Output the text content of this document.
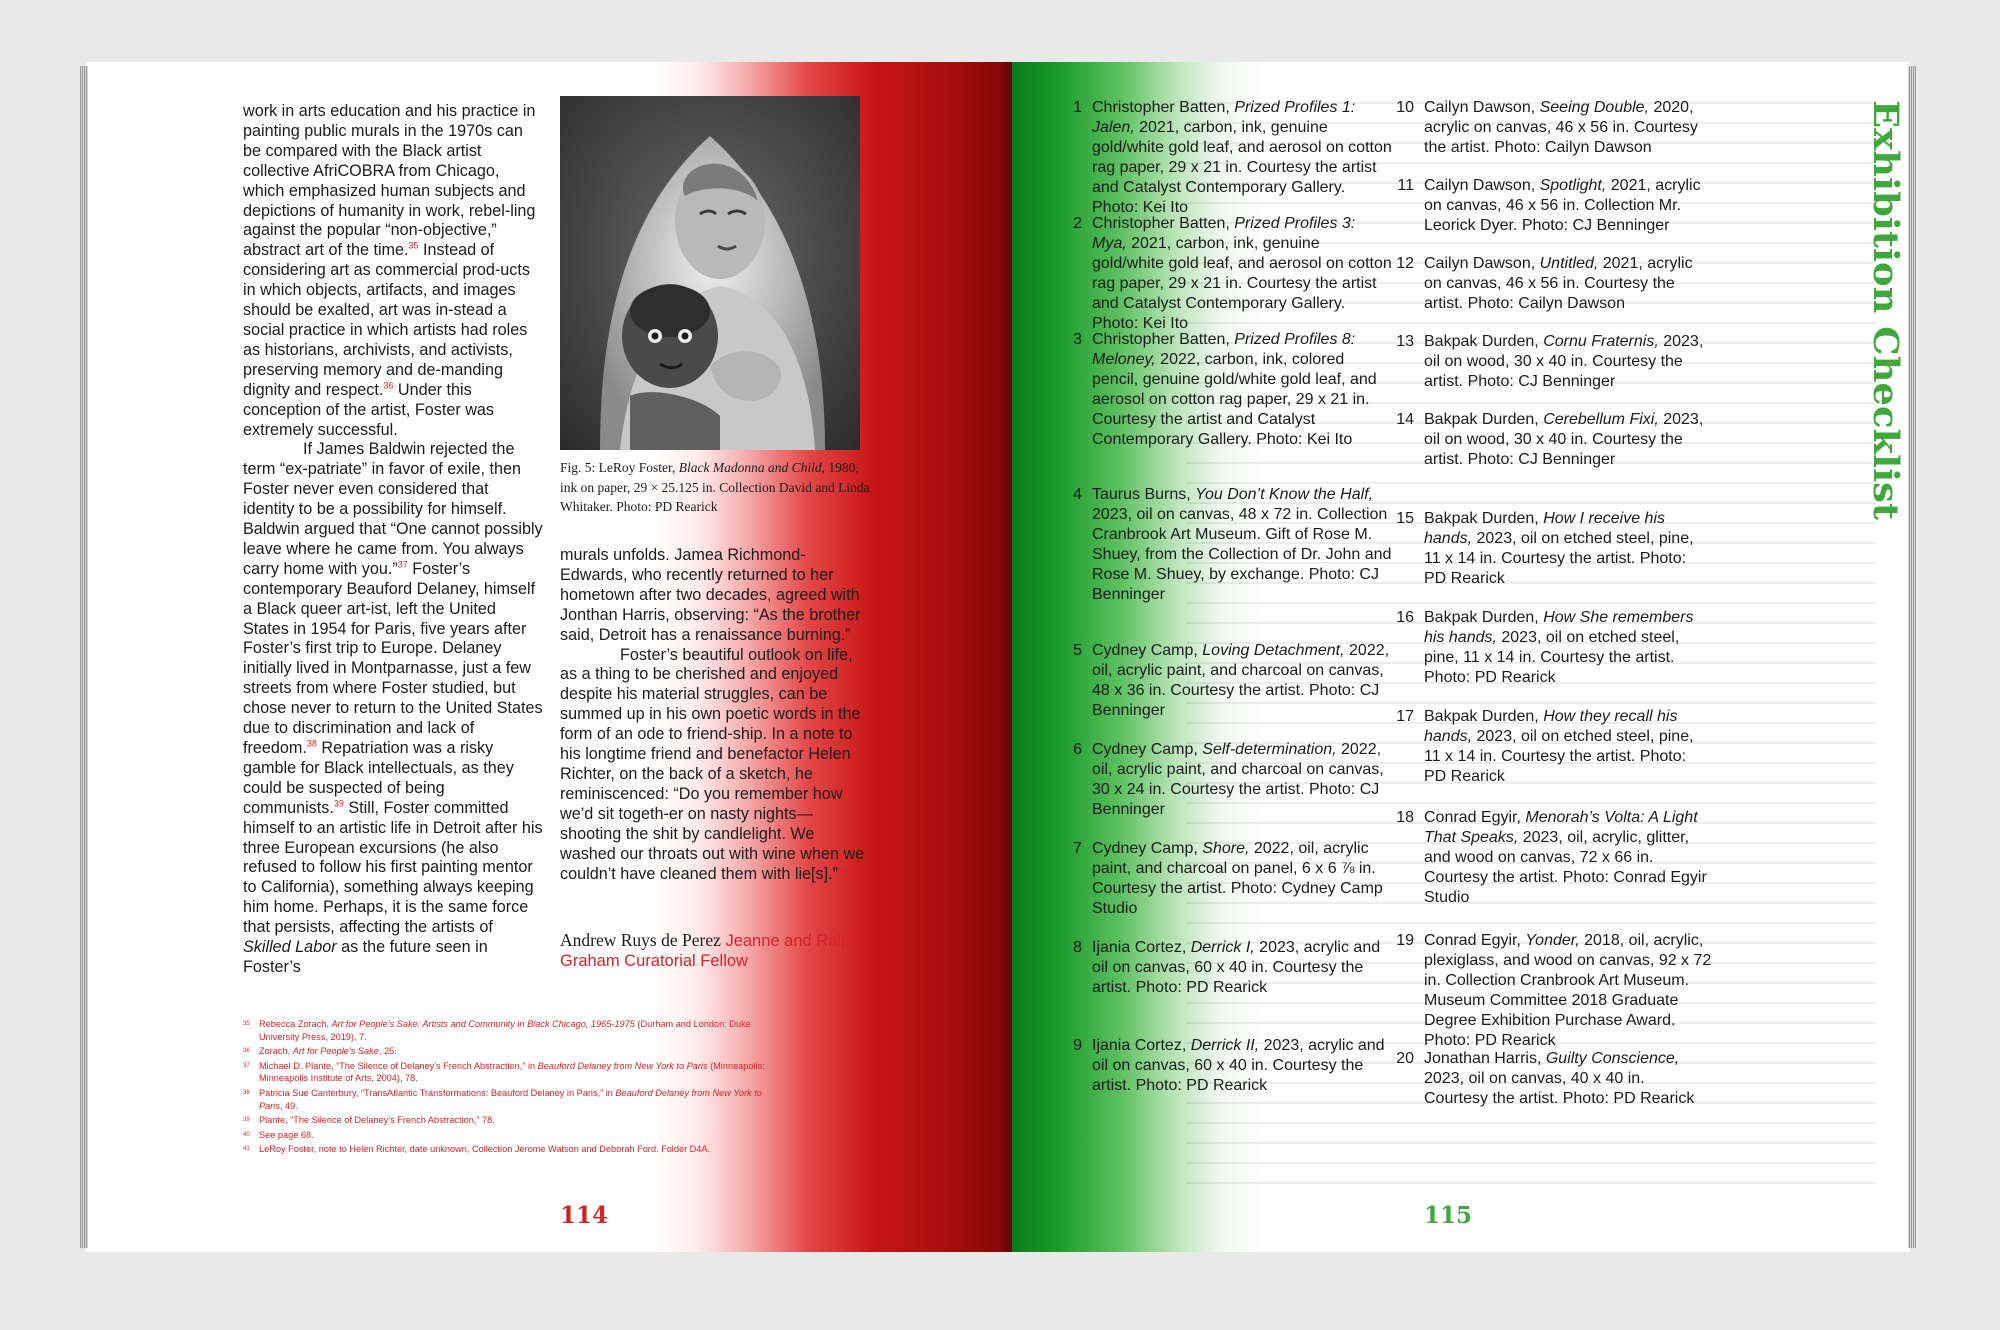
work in arts education and his practice in painting public murals in the 1970s can be compared with the Black artist collective AfriCOBRA from Chicago, which emphasized human subjects and depictions of humanity in work, rebel-ling against the popular “non-objective,” abstract art of the time.$^{35}$ Instead of considering art as commercial prod-ucts in which objects, artifacts, and images should be exalted, art was in-stead a social practice in which artists had roles as historians, archivists, and activists, preserving memory and de-manding dignity and respect.$^{36}$ Under this conception of the artist, Foster was extremely successful.

If James Baldwin rejected the term “ex-patriate” in favor of exile, then Foster never even considered that identity to be a possibility for himself. Baldwin argued that “One cannot possibly leave where he came from. You always carry home with you.”$^{37}$ Foster’s contemporary Beauford Delaney, himself a Black queer art-ist, left the United States in 1954 for Paris, five years after Foster’s first trip to Europe. Delaney initially lived in Montparnasse, just a few streets from where Foster studied, but chose never to return to the United States due to discrimination and lack of freedom.$^{38}$ Repatriation was a risky gamble for Black intellectuals, as they could be suspected of being communists.$^{39}$ Still, Foster committed himself to an artistic life in Detroit after his three European excursions (he also refused to follow his first painting mentor to California), something always keeping him home. Perhaps, it is the same force that persists, affecting the artists of Skilled Labor as the future seen in Foster’s

Fig. 5: LeRoy Foster, Black Madonna and Child, 1980, ink on paper, 29 × 25.125 in. Collection David and Linda Whitaker. Photo: PD Rearick

murals unfolds. Jamea Richmond-Edwards, who recently returned to her hometown after two decades, agreed with Jonthan Harris, observing: “As the brother said, Detroit has a renaissance burning.”$^{40}$

Foster’s beautiful outlook on life, as a thing to be cherished and enjoyed despite his material struggles, can be summed up in his own poetic words in the form of an ode to friend-ship. In a note to his longtime friend and benefactor Helen Richter, on the back of a sketch, he reminiscenced: “Do you remember how we’d sit togeth-er on nasty nights—shooting the shit by candlelight. We washed our throats out with wine when we couldn’t have cleaned them with lie[s].”$^{41}$

Andrew Ruys de Perez Jeanne and Ralph Graham Curatorial Fellow
35	Rebecca Zorach, Art for People’s Sake: Artists and Community in Black Chicago, 1965-1975 (Durham and London: Duke University Press, 2019), 7.
36	Zorach, Art for People’s Sake, 25.
37	Michael D. Plante, “The Silence of Delaney’s French Abstraction,” in Beauford Delaney from New York to Paris (Minneapolis: Minneapolis Institute of Arts, 2004), 78.
38	Patricia Sue Canterbury, “TransAtlantic Transformations: Beauford Delaney in Paris,” in Beauford Delaney from New York to Paris, 49.
39	Plante, “The Silence of Delaney’s French Abstraction,” 78.
40	See page 68.
41	LeRoy Foster, note to Helen Richter, date unknown, Collection Jerome Watson and Deborah Ford. Folder D4A.
114
1 Christopher Batten, Prized Profiles 1: Jalen, 2021, carbon, ink, genuine gold/white gold leaf, and aerosol on cotton rag paper, 29 x 21 in. Courtesy the artist and Catalyst Contemporary Gallery. Photo: Kei Ito
2 Christopher Batten, Prized Profiles 3: Mya, 2021, carbon, ink, genuine gold/white gold leaf, and aerosol on cotton rag paper, 29 x 21 in. Courtesy the artist and Catalyst Contemporary Gallery. Photo: Kei Ito
3 Christopher Batten, Prized Profiles 8: Meloney, 2022, carbon, ink, colored pencil, genuine gold/white gold leaf, and aerosol on cotton rag paper, 29 x 21 in. Courtesy the artist and Catalyst Contemporary Gallery. Photo: Kei Ito
4 Taurus Burns, You Don’t Know the Half, 2023, oil on canvas, 48 x 72 in. Collection Cranbrook Art Museum. Gift of Rose M. Shuey, from the Collection of Dr. John and Rose M. Shuey, by exchange. Photo: CJ Benninger
5 Cydney Camp, Loving Detachment, 2022, oil, acrylic paint, and charcoal on canvas, 48 x 36 in. Courtesy the artist. Photo: CJ Benninger
6 Cydney Camp, Self-determination, 2022, oil, acrylic paint, and charcoal on canvas, 30 x 24 in. Courtesy the artist. Photo: CJ Benninger
7 Cydney Camp, Shore, 2022, oil, acrylic paint, and charcoal on panel, 6 x 6 ⅞ in. Courtesy the artist. Photo: Cydney Camp Studio
8 Ijania Cortez, Derrick I, 2023, acrylic and oil on canvas, 60 x 40 in. Courtesy the artist. Photo: PD Rearick
9 Ijania Cortez, Derrick II, 2023, acrylic and oil on canvas, 60 x 40 in. Courtesy the artist. Photo: PD Rearick
10 Cailyn Dawson, Seeing Double, 2020, acrylic on canvas, 46 x 56 in. Courtesy the artist. Photo: Cailyn Dawson
11 Cailyn Dawson, Spotlight, 2021, acrylic on canvas, 46 x 56 in. Collection Mr. Leorick Dyer. Photo: CJ Benninger
12 Cailyn Dawson, Untitled, 2021, acrylic on canvas, 46 x 56 in. Courtesy the artist. Photo: Cailyn Dawson
13 Bakpak Durden, Cornu Fraternis, 2023, oil on wood, 30 x 40 in. Courtesy the artist. Photo: CJ Benninger
14 Bakpak Durden, Cerebellum Fixi, 2023, oil on wood, 30 x 40 in. Courtesy the artist. Photo: CJ Benninger
15 Bakpak Durden, How I receive his hands, 2023, oil on etched steel, pine, 11 x 14 in. Courtesy the artist. Photo: PD Rearick
16 Bakpak Durden, How She remembers his hands, 2023, oil on etched steel, pine, 11 x 14 in. Courtesy the artist. Photo: PD Rearick
17 Bakpak Durden, How they recall his hands, 2023, oil on etched steel, pine, 11 x 14 in. Courtesy the artist. Photo: PD Rearick
18 Conrad Egyir, Menorah’s Volta: A Light That Speaks, 2023, oil, acrylic, glitter, and wood on canvas, 72 x 66 in. Courtesy the artist. Photo: Conrad Egyir Studio
19 Conrad Egyir, Yonder, 2018, oil, acrylic, plexiglass, and wood on canvas, 92 x 72 in. Collection Cranbrook Art Museum. Museum Committee 2018 Graduate Degree Exhibition Purchase Award. Photo: PD Rearick
20 Jonathan Harris, Guilty Conscience, 2023, oil on canvas, 40 x 40 in. Courtesy the artist. Photo: PD Rearick
Exhibition Checklist
115
